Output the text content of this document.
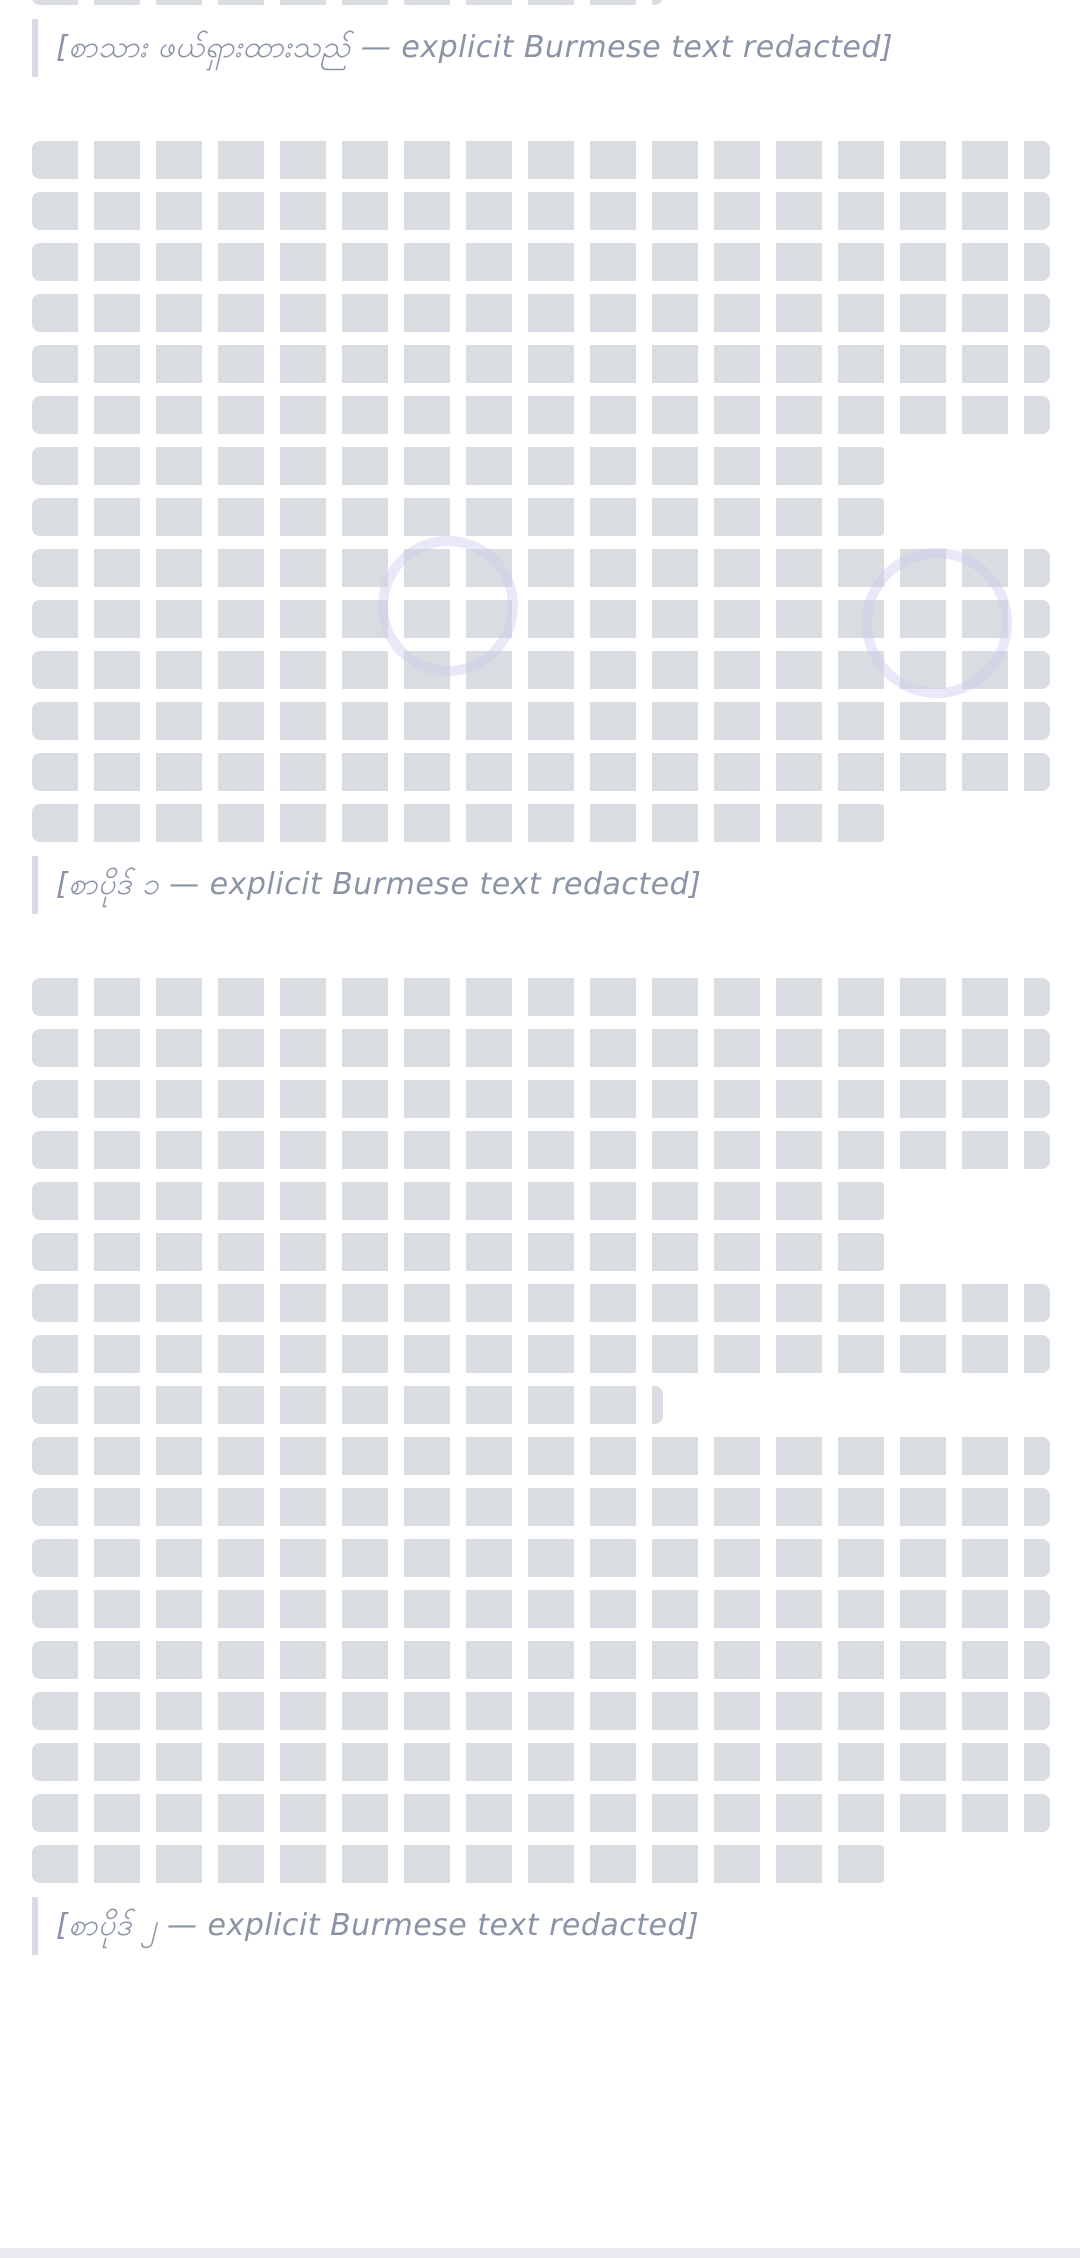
[စာသား ဖယ်ရှားထားသည် — explicit Burmese text redacted]
[စာပိုဒ် ၁ — explicit Burmese text redacted]
[စာပိုဒ် ၂ — explicit Burmese text redacted]
